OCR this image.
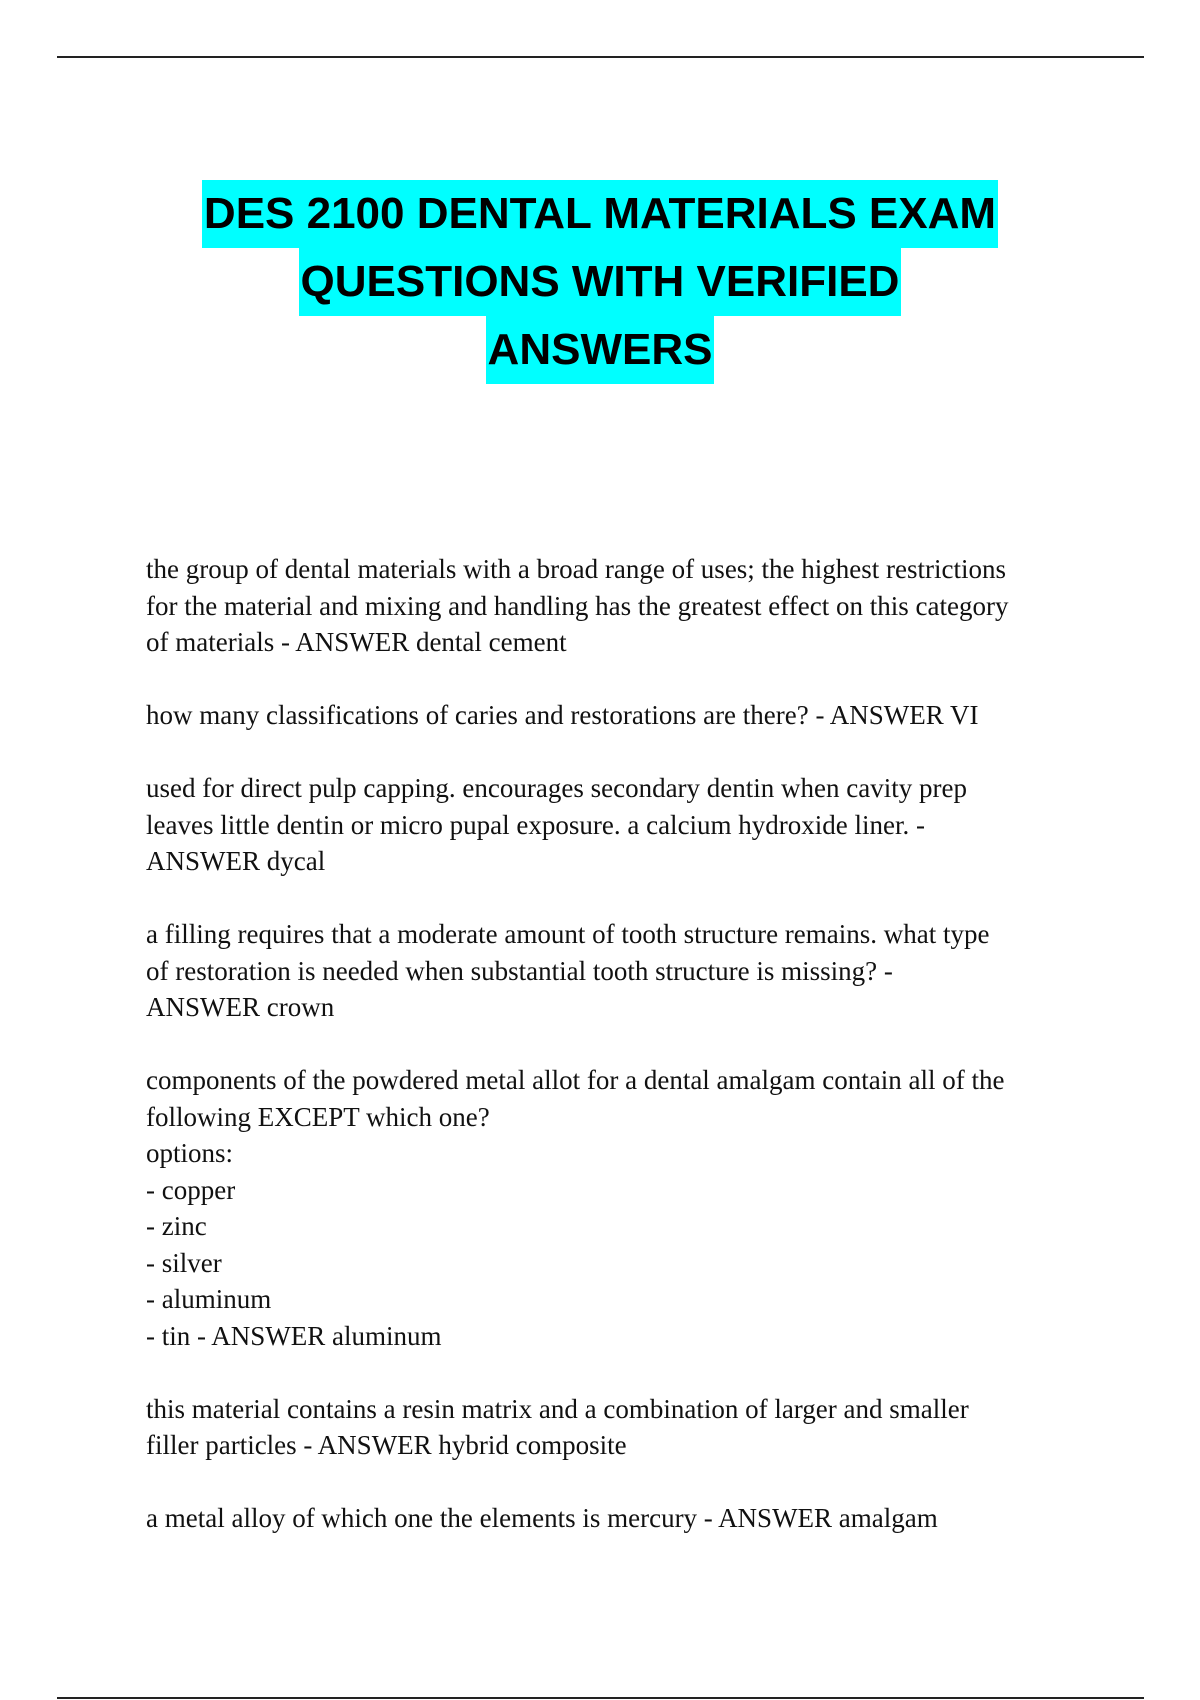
DES 2100 DENTAL MATERIALS EXAM
QUESTIONS WITH VERIFIED
ANSWERS
the group of dental materials with a broad range of uses; the highest restrictions
for the material and mixing and handling has the greatest effect on this category
of materials - ANSWER dental cement
how many classifications of caries and restorations are there? - ANSWER VI
used for direct pulp capping. encourages secondary dentin when cavity prep
leaves little dentin or micro pupal exposure. a calcium hydroxide liner. -
ANSWER dycal
a filling requires that a moderate amount of tooth structure remains. what type
of restoration is needed when substantial tooth structure is missing? -
ANSWER crown
components of the powdered metal allot for a dental amalgam contain all of the
following EXCEPT which one?
options:
- copper
- zinc
- silver
- aluminum
- tin - ANSWER aluminum
this material contains a resin matrix and a combination of larger and smaller
filler particles - ANSWER hybrid composite
a metal alloy of which one the elements is mercury - ANSWER amalgam
